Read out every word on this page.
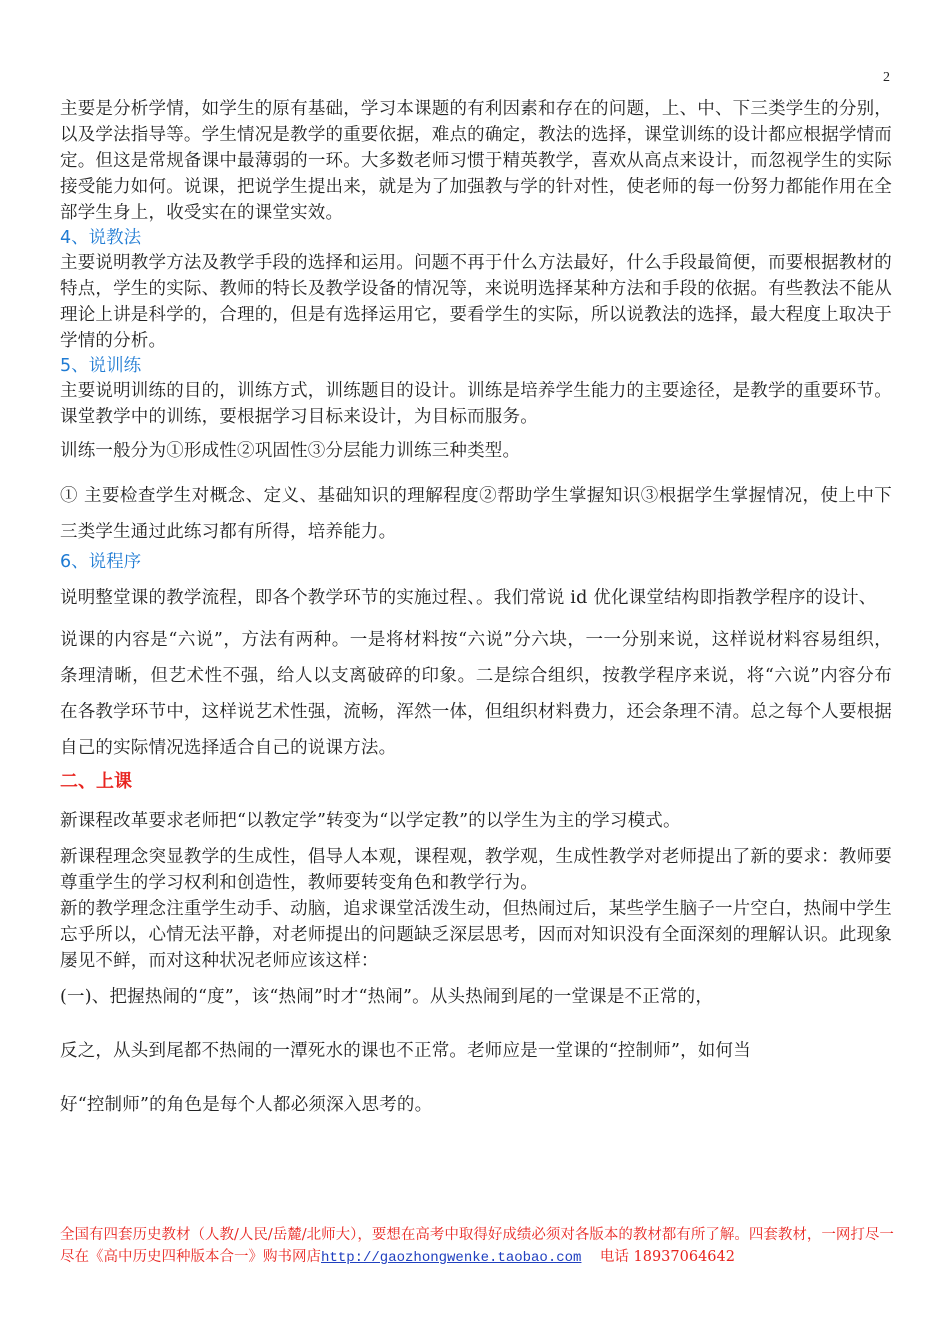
2

主要是分析学情，如学生的原有基础，学习本课题的有利因素和存在的问题，上、中、下三类学生的分别，以及学法指导等。学生情况是教学的重要依据，难点的确定，教法的选择，课堂训练的设计都应根据学情而定。但这是常规备课中最薄弱的一环。大多数老师习惯于精英教学，喜欢从高点来设计，而忽视学生的实际接受能力如何。说课，把说学生提出来，就是为了加强教与学的针对性，使老师的每一份努力都能作用在全部学生身上，收受实在的课堂实效。

4、说教法

主要说明教学方法及教学手段的选择和运用。问题不再于什么方法最好，什么手段最简便，而要根据教材的特点，学生的实际、教师的特长及教学设备的情况等，来说明选择某种方法和手段的依据。有些教法不能从理论上讲是科学的，合理的，但是有选择运用它，要看学生的实际，所以说教法的选择，最大程度上取决于学情的分析。

5、说训练

主要说明训练的目的，训练方式，训练题目的设计。训练是培养学生能力的主要途径，是教学的重要环节。

课堂教学中的训练，要根据学习目标来设计，为目标而服务。

训练一般分为①形成性②巩固性③分层能力训练三种类型。

① 主要检查学生对概念、定义、基础知识的理解程度②帮助学生掌握知识③根据学生掌握情况，使上中下三类学生通过此练习都有所得，培养能力。

6、说程序

说明整堂课的教学流程，即各个教学环节的实施过程、。我们常说 id 优化课堂结构即指教学程序的设计、

说课的内容是“六说”，方法有两种。一是将材料按“六说”分六块，一一分别来说，这样说材料容易组织，条理清晰，但艺术性不强，给人以支离破碎的印象。二是综合组织，按教学程序来说，将“六说”内容分布在各教学环节中，这样说艺术性强，流畅，浑然一体，但组织材料费力，还会条理不清。总之每个人要根据自己的实际情况选择适合自己的说课方法。

二、上课

新课程改革要求老师把“以教定学”转变为“以学定教”的以学生为主的学习模式。

新课程理念突显教学的生成性，倡导人本观，课程观，教学观，生成性教学对老师提出了新的要求：教师要尊重学生的学习权利和创造性，教师要转变角色和教学行为。

新的教学理念注重学生动手、动脑，追求课堂活泼生动，但热闹过后，某些学生脑子一片空白，热闹中学生忘乎所以，心情无法平静，对老师提出的问题缺乏深层思考，因而对知识没有全面深刻的理解认识。此现象屡见不鲜，而对这种状况老师应该这样：

(一)、把握热闹的“度”，该“热闹”时才“热闹”。从头热闹到尾的一堂课是不正常的，

反之，从头到尾都不热闹的一潭死水的课也不正常。老师应是一堂课的“控制师”，如何当

好“控制师”的角色是每个人都必须深入思考的。

全国有四套历史教材（人教/人民/岳麓/北师大），要想在高考中取得好成绩必须对各版本的教材都有所了解。四套教材，一网打尽一尽在《高中历史四种版本合一》购书网店http://gaozhongwenke.taobao.com 电话 18937064642
